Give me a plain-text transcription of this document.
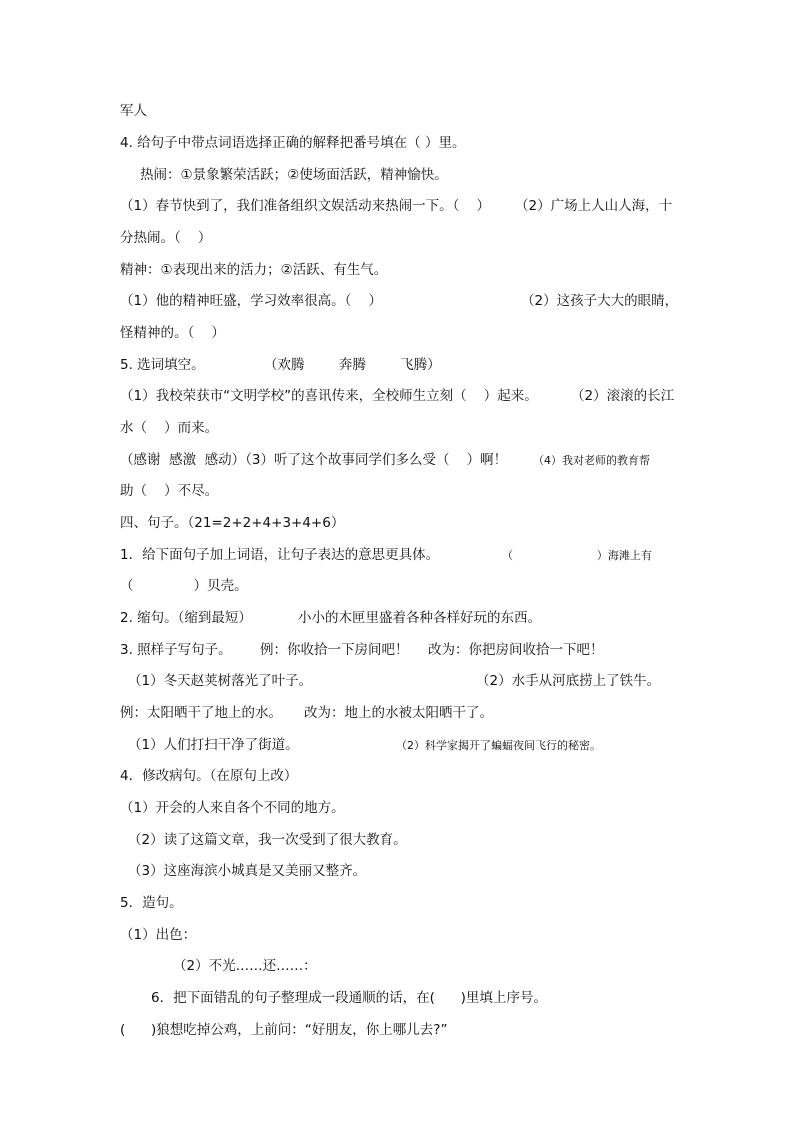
军人
4. 给句子中带点词语选择正确的解释把番号填在（ ）里。
热闹：①景象繁荣活跃；②使场面活跃，精神愉快。
（1）春节快到了，我们准备组织文娱活动来热闹一下。（    ） （2）广场上人山人海，十
分热闹。（    ）
精神：①表现出来的活力；②活跃、有生气。
（1）他的精神旺盛，学习效率很高。（    ）	（2）这孩子大大的眼睛，
怪精神的。（    ）
5. 选词填空。	（欢腾        奔腾        飞腾）
（1）我校荣获市“文明学校”的喜讯传来，全校师生立刻（    ）起来。 （2）滚滚的长江
水（    ）而来。
（感谢  感激  感动）（3）听了这个故事同学们多么受（    ）啊！ （4）我对老师的教育帮
助（    ）不尽。
四、句子。（21=2+2+4+3+4+6）
1．给下面句子加上词语，让句子表达的意思更具体。	（                        ）海滩上有
（              ）贝壳。
2. 缩句。（缩到最短）	小小的木匣里盛着各种各样好玩的东西。
3. 照样子写句子。 例：你收拾一下房间吧！ 改为：你把房间收拾一下吧！
（1）冬天赵荚树落光了叶子。	（2）水手从河底捞上了铁牛。
例：太阳晒干了地上的水。 改为：地上的水被太阳晒干了。
（1）人们打扫干净了街道。	（2）科学家揭开了蝙蝠夜间飞行的秘密。
4．修改病句。（在原句上改）
（1）开会的人来自各个不同的地方。
（2）读了这篇文章，我一次受到了很大教育。
（3）这座海滨小城真是又美丽又整齐。
5．造句。
（1）出色：
（2）不光……还……：
6．把下面错乱的句子整理成一段通顺的话，在(      )里填上序号。
(      )狼想吃掉公鸡，上前问：“好朋友，你上哪儿去?”
